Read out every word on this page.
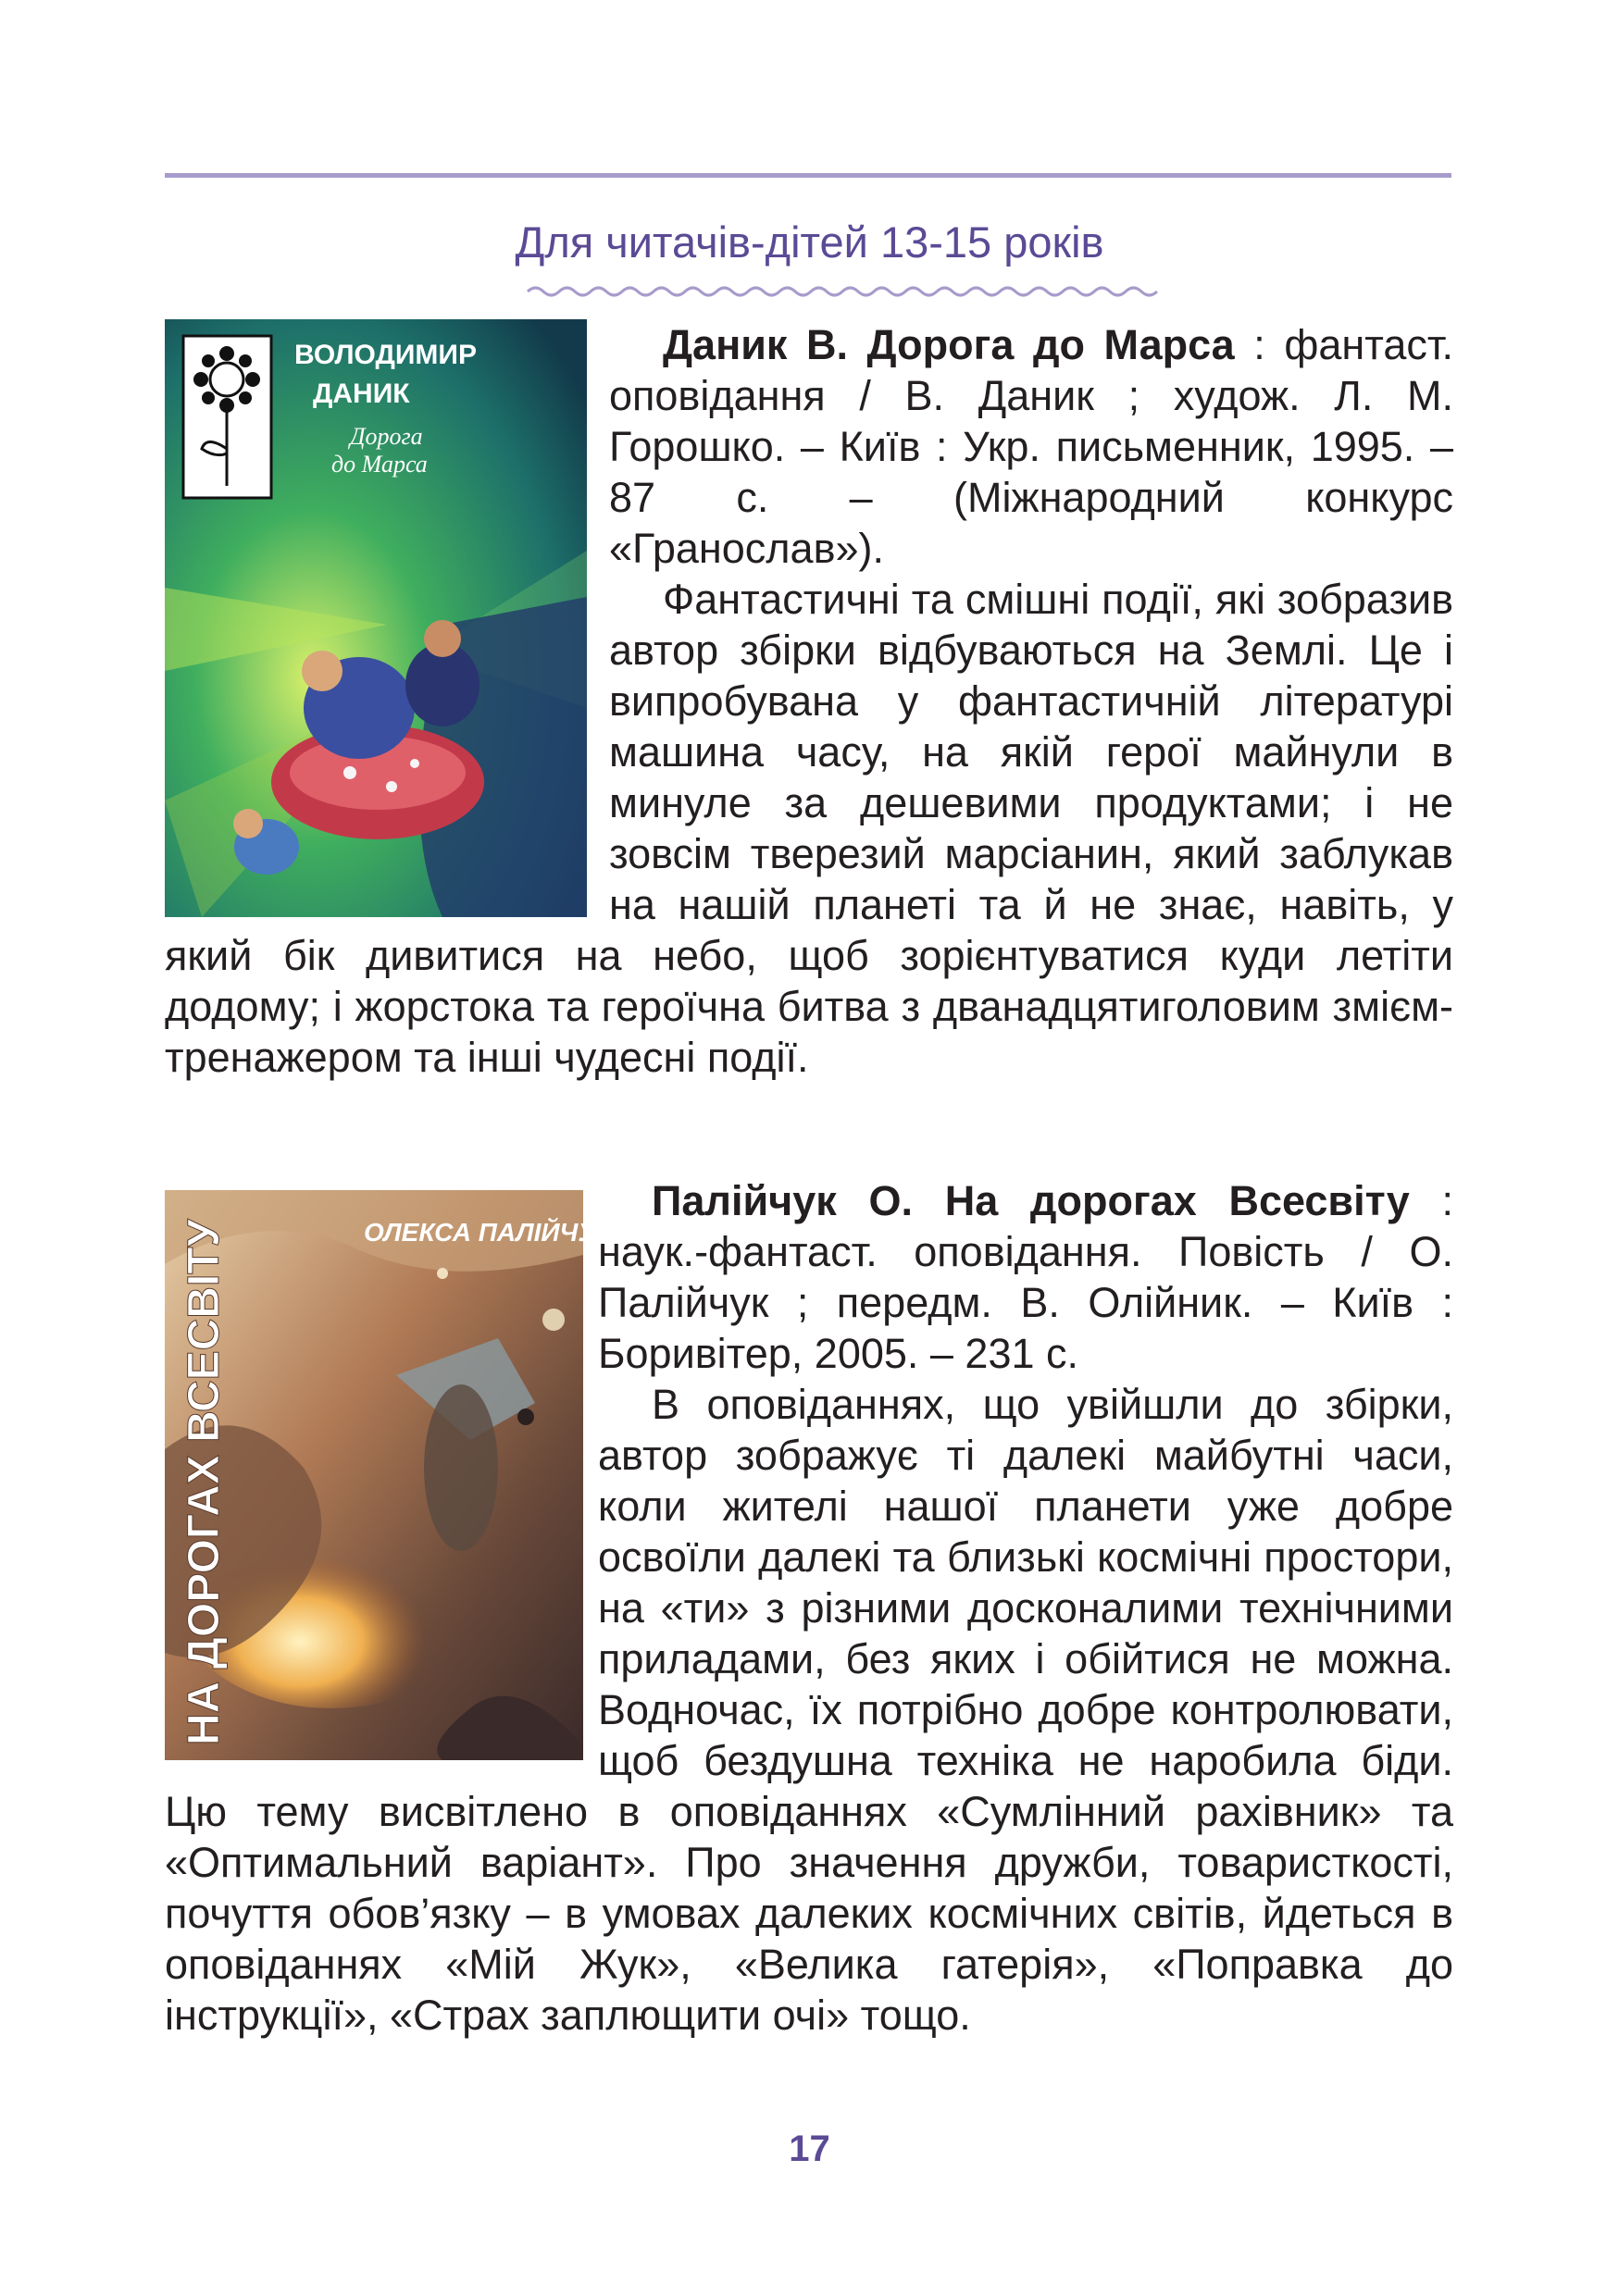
Для читачів-дітей 13-15 років
ВОЛОДИМИР
ДАНИК
Дорога
до Марса

Даник В. Дорога до Марса : фантаст. оповідання / В. Даник ; худож. Л. М. Горошко. – Київ : Укр. письменник, 1995. – 87 с. – (Міжнародний конкурс «Гранослав»).

Фантастичні та смішні події, які зобразив автор збірки відбуваються на Землі. Це і випробувана у фантастичній літературі машина часу, на якій герої майнули в минуле за дешевими продуктами; і не зовсім тверезий марсіанин, який заблукав на нашій планеті та й не знає, навіть, у який бік дивитися на небо, щоб зорієнтуватися куди летіти додому; і жорстока та героїчна битва з дванадцятиголовим змієм-тренажером та інші чудесні події.

ОЛЕКСА ПАЛІЙЧУК
НА ДОРОГАХ ВСЕСВІТУ

Палійчук О. На дорогах Всесвіту : наук.-фантаст. оповідання. Повість / О. Палійчук ; передм. В. Олійник. – Київ : Боривітер, 2005. – 231 с.

В оповіданнях, що увійшли до збірки, автор зображує ті далекі майбутні часи, коли жителі нашої планети уже добре освоїли далекі та близькі космічні простори, на «ти» з різними досконалими технічними приладами, без яких і обійтися не можна. Водночас, їх потрібно добре контролювати, щоб бездушна техніка не наробила біди. Цю тему висвітлено в оповіданнях «Сумлінний рахівник» та «Оптимальний варіант». Про значення дружби, товаристкості, почуття обов’язку – в умовах далеких космічних світів, йдеться в оповіданнях «Мій Жук», «Велика гатерія», «Поправка до інструкції», «Страх заплющити очі» тощо.

17
